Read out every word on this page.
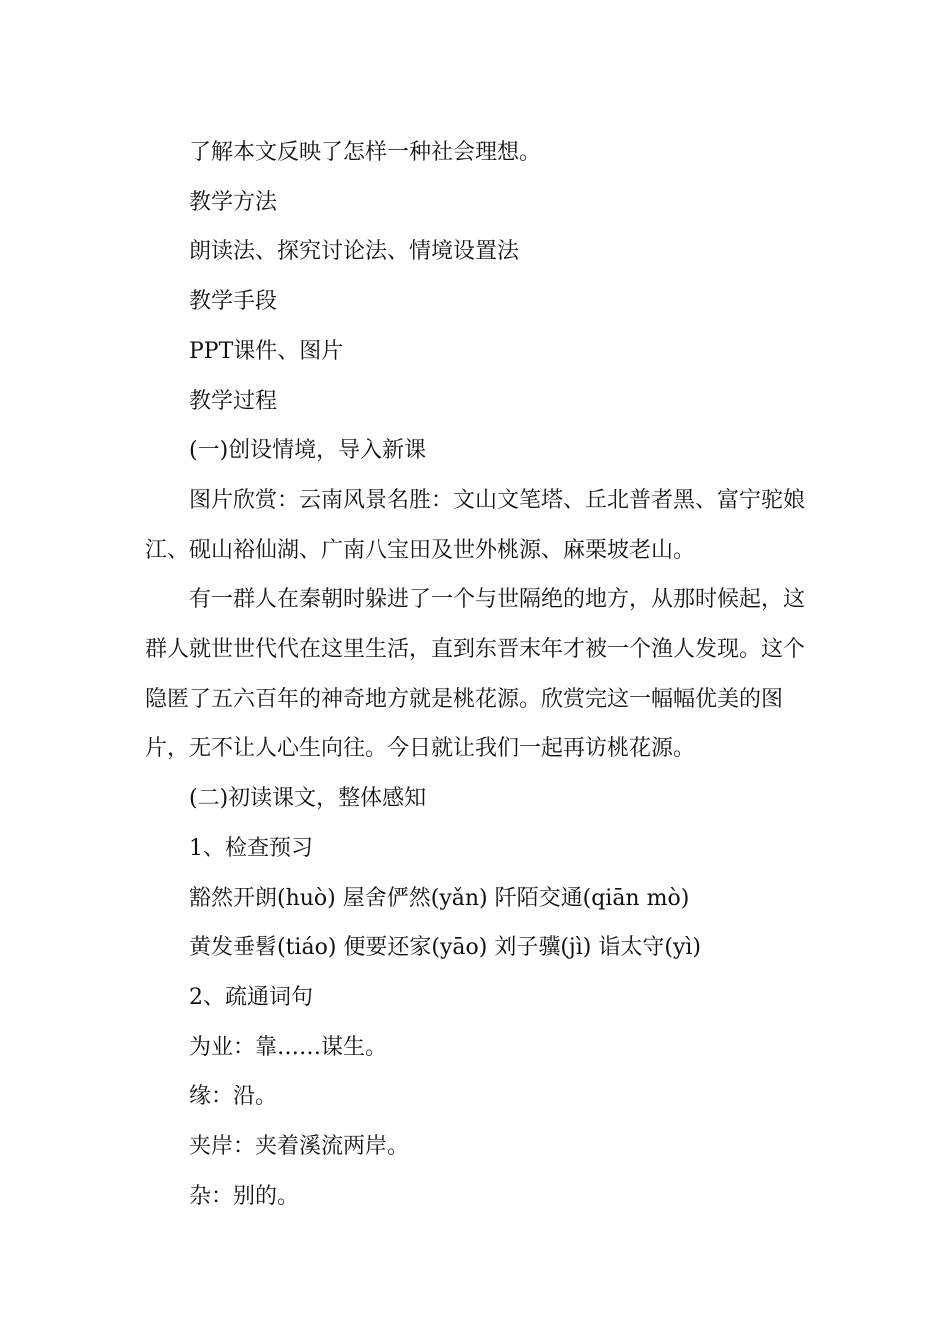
了解本文反映了怎样一种社会理想。

教学方法

朗读法、探究讨论法、情境设置法

教学手段

PPT课件、图片

教学过程

(一)创设情境，导入新课

图片欣赏：云南风景名胜：文山文笔塔、丘北普者黑、富宁驼娘江、砚山裕仙湖、广南八宝田及世外桃源、麻栗坡老山。

有一群人在秦朝时躲进了一个与世隔绝的地方，从那时候起，这群人就世世代代在这里生活，直到东晋末年才被一个渔人发现。这个隐匿了五六百年的神奇地方就是桃花源。欣赏完这一幅幅优美的图片，无不让人心生向往。今日就让我们一起再访桃花源。

(二)初读课文，整体感知

1、检查预习

豁然开朗(huò) 屋舍俨然(yǎn) 阡陌交通(qiān mò)

黄发垂髫(tiáo) 便要还家(yāo) 刘子骥(jì) 诣太守(yì)

2、疏通词句

为业：靠……谋生。

缘：沿。

夹岸：夹着溪流两岸。

杂：别的。
